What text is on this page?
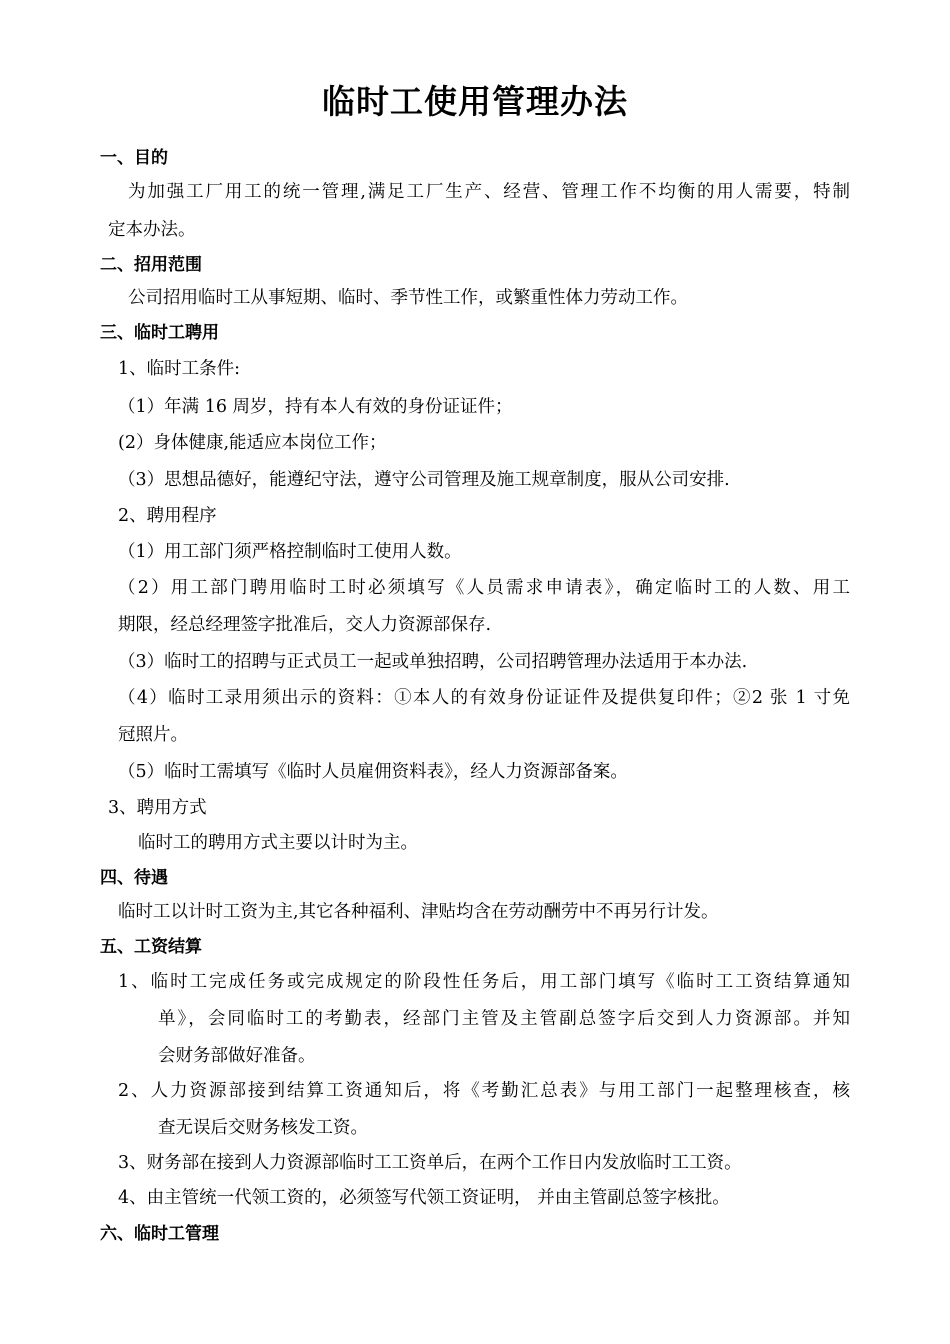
临时工使用管理办法
一、目的
为加强工厂用工的统一管理,满足工厂生产、经营、管理工作不均衡的用人需要，特制
定本办法。
二、招用范围
公司招用临时工从事短期、临时、季节性工作，或繁重性体力劳动工作。
三、临时工聘用
1、临时工条件:
（1）年满 16 周岁，持有本人有效的身份证证件；
(2）身体健康,能适应本岗位工作；
（3）思想品德好，能遵纪守法，遵守公司管理及施工规章制度，服从公司安排.
2、聘用程序
（1）用工部门须严格控制临时工使用人数。
（2）用工部门聘用临时工时必须填写《人员需求申请表》，确定临时工的人数、用工
期限，经总经理签字批准后，交人力资源部保存.
（3）临时工的招聘与正式员工一起或单独招聘，公司招聘管理办法适用于本办法.
（4）临时工录用须出示的资料：①本人的有效身份证证件及提供复印件；②2 张 1 寸免
冠照片。
（5）临时工需填写《临时人员雇佣资料表》，经人力资源部备案。
3、聘用方式
临时工的聘用方式主要以计时为主。
四、待遇
临时工以计时工资为主,其它各种福利、津贴均含在劳动酬劳中不再另行计发。
五、工资结算
1、临时工完成任务或完成规定的阶段性任务后，用工部门填写《临时工工资结算通知
单》，会同临时工的考勤表，经部门主管及主管副总签字后交到人力资源部。并知
会财务部做好准备。
2、人力资源部接到结算工资通知后，将《考勤汇总表》与用工部门一起整理核查，核
查无误后交财务核发工资。
3、财务部在接到人力资源部临时工工资单后，在两个工作日内发放临时工工资。
4、由主管统一代领工资的，必须签写代领工资证明， 并由主管副总签字核批。
六、临时工管理
